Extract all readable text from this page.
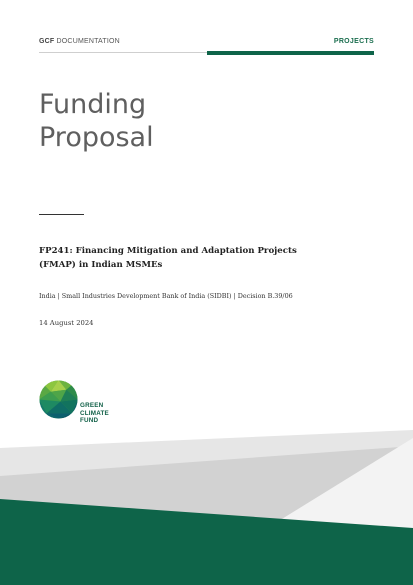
GCF DOCUMENTATION	PROJECTS
Funding
Proposal
FP241: Financing Mitigation and Adaptation Projects
(FMAP) in Indian MSMEs
India | Small Industries Development Bank of India (SIDBI) | Decision B.39/06
14 August 2024
GREEN
CLIMATE
FUND
